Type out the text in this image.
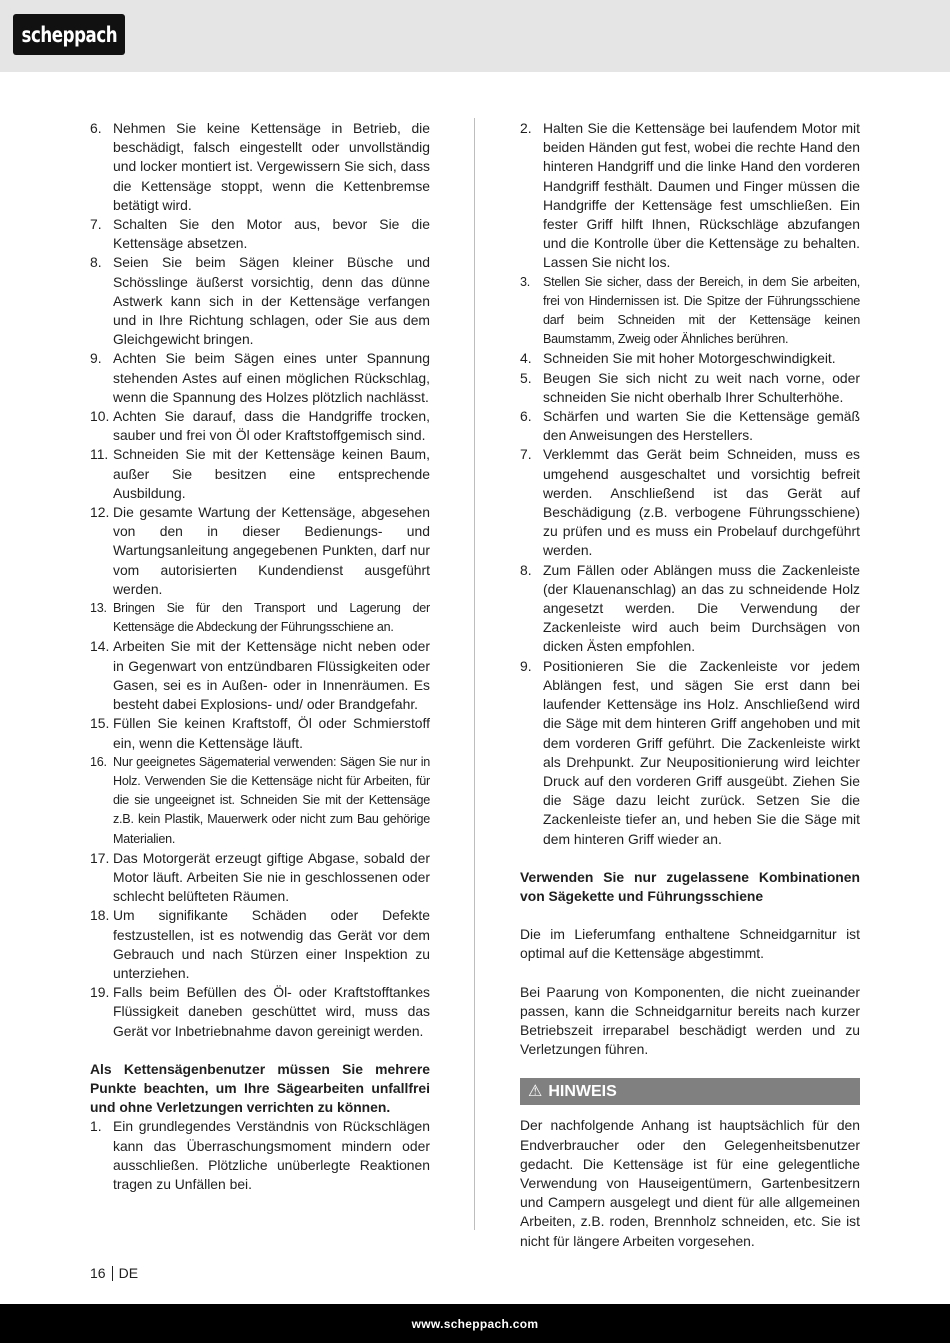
scheppach
6. Nehmen Sie keine Kettensäge in Betrieb, die beschädigt, falsch eingestellt oder unvollständig und locker montiert ist. Vergewissern Sie sich, dass die Kettensäge stoppt, wenn die Kettenbremse betätigt wird.
7. Schalten Sie den Motor aus, bevor Sie die Kettensäge absetzen.
8. Seien Sie beim Sägen kleiner Büsche und Schösslinge äußerst vorsichtig, denn das dünne Astwerk kann sich in der Kettensäge verfangen und in Ihre Richtung schlagen, oder Sie aus dem Gleichgewicht bringen.
9. Achten Sie beim Sägen eines unter Spannung stehenden Astes auf einen möglichen Rückschlag, wenn die Spannung des Holzes plötzlich nachlässt.
10. Achten Sie darauf, dass die Handgriffe trocken, sauber und frei von Öl oder Kraftstoffgemisch sind.
11. Schneiden Sie mit der Kettensäge keinen Baum, außer Sie besitzen eine entsprechende Ausbildung.
12. Die gesamte Wartung der Kettensäge, abgesehen von den in dieser Bedienungs- und Wartungsanleitung angegebenen Punkten, darf nur vom autorisierten Kundendienst ausgeführt werden.
13. Bringen Sie für den Transport und Lagerung der Kettensäge die Abdeckung der Führungsschiene an.
14. Arbeiten Sie mit der Kettensäge nicht neben oder in Gegenwart von entzündbaren Flüssigkeiten oder Gasen, sei es in Außen- oder in Innenräumen. Es besteht dabei Explosions- und/ oder Brandgefahr.
15. Füllen Sie keinen Kraftstoff, Öl oder Schmierstoff ein, wenn die Kettensäge läuft.
16. Nur geeignetes Sägematerial verwenden: Sägen Sie nur in Holz. Verwenden Sie die Kettensäge nicht für Arbeiten, für die sie ungeeignet ist. Schneiden Sie mit der Kettensäge z.B. kein Plastik, Mauerwerk oder nicht zum Bau gehörige Materialien.
17. Das Motorgerät erzeugt giftige Abgase, sobald der Motor läuft. Arbeiten Sie nie in geschlossenen oder schlecht belüfteten Räumen.
18. Um signifikante Schäden oder Defekte festzustellen, ist es notwendig das Gerät vor dem Gebrauch und nach Stürzen einer Inspektion zu unterziehen.
19. Falls beim Befüllen des Öl- oder Kraftstofftankes Flüssigkeit daneben geschüttet wird, muss das Gerät vor Inbetriebnahme davon gereinigt werden.

Als Kettensägenbenutzer müssen Sie mehrere Punkte beachten, um Ihre Sägearbeiten unfallfrei und ohne Verletzungen verrichten zu können.

1. Ein grundlegendes Verständnis von Rückschlägen kann das Überraschungsmoment mindern oder ausschließen. Plötzliche unüberlegte Reaktionen tragen zu Unfällen bei.
2. Halten Sie die Kettensäge bei laufendem Motor mit beiden Händen gut fest, wobei die rechte Hand den hinteren Handgriff und die linke Hand den vorderen Handgriff festhält. Daumen und Finger müssen die Handgriffe der Kettensäge fest umschließen. Ein fester Griff hilft Ihnen, Rückschläge abzufangen und die Kontrolle über die Kettensäge zu behalten. Lassen Sie nicht los.
3. Stellen Sie sicher, dass der Bereich, in dem Sie arbeiten, frei von Hindernissen ist. Die Spitze der Führungsschiene darf beim Schneiden mit der Kettensäge keinen Baumstamm, Zweig oder Ähnliches berühren.
4. Schneiden Sie mit hoher Motorgeschwindigkeit.
5. Beugen Sie sich nicht zu weit nach vorne, oder schneiden Sie nicht oberhalb Ihrer Schulterhöhe.
6. Schärfen und warten Sie die Kettensäge gemäß den Anweisungen des Herstellers.
7. Verklemmt das Gerät beim Schneiden, muss es umgehend ausgeschaltet und vorsichtig befreit werden. Anschließend ist das Gerät auf Beschädigung (z.B. verbogene Führungsschiene) zu prüfen und es muss ein Probelauf durchgeführt werden.
8. Zum Fällen oder Ablängen muss die Zackenleiste (der Klauenanschlag) an das zu schneidende Holz angesetzt werden. Die Verwendung der Zackenleiste wird auch beim Durchsägen von dicken Ästen empfohlen.
9. Positionieren Sie die Zackenleiste vor jedem Ablängen fest, und sägen Sie erst dann bei laufender Kettensäge ins Holz. Anschließend wird die Säge mit dem hinteren Griff angehoben und mit dem vorderen Griff geführt. Die Zackenleiste wirkt als Drehpunkt. Zur Neupositionierung wird leichter Druck auf den vorderen Griff ausgeübt. Ziehen Sie die Säge dazu leicht zurück. Setzen Sie die Zackenleiste tiefer an, und heben Sie die Säge mit dem hinteren Griff wieder an.

Verwenden Sie nur zugelassene Kombinationen von Sägekette und Führungsschiene

Die im Lieferumfang enthaltene Schneidgarnitur ist optimal auf die Kettensäge abgestimmt.

Bei Paarung von Komponenten, die nicht zueinander passen, kann die Schneidgarnitur bereits nach kurzer Betriebszeit irreparabel beschädigt werden und zu Verletzungen führen.

⚠ HINWEIS

Der nachfolgende Anhang ist hauptsächlich für den Endverbraucher oder den Gelegenheitsbenutzer gedacht. Die Kettensäge ist für eine gelegentliche Verwendung von Hauseigentümern, Gartenbesitzern und Campern ausgelegt und dient für alle allgemeinen Arbeiten, z.B. roden, Brennholz schneiden, etc. Sie ist nicht für längere Arbeiten vorgesehen.

16 DE
www.scheppach.com
